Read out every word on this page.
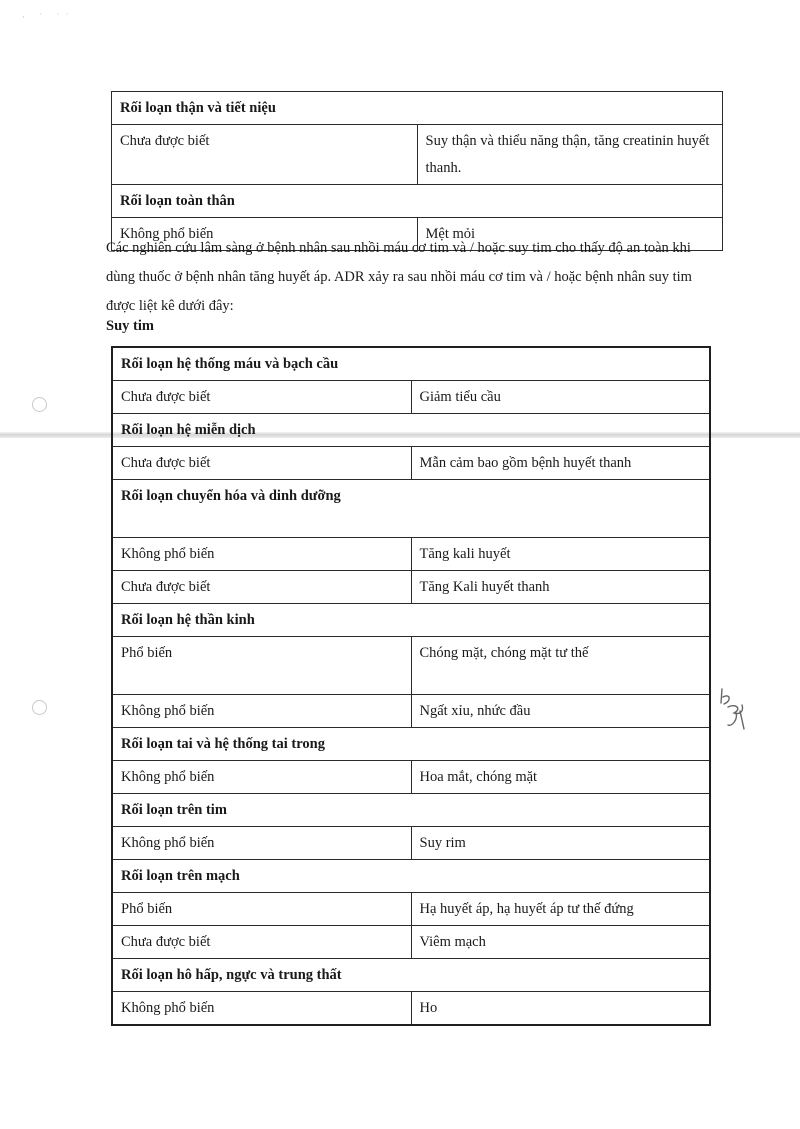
· ˙ ˙˙
Rối loạn thận và tiết niệu	
Chưa được biết	Suy thận và thiểu năng thận, tăng creatinin huyết thanh.
Rối loạn toàn thân	
Không phổ biến	Mệt mỏi

Các nghiên cứu lâm sàng ở bệnh nhân sau nhồi máu cơ tim và / hoặc suy tim cho thấy độ an toàn khi dùng thuốc ở bệnh nhân tăng huyết áp. ADR xảy ra sau nhồi máu cơ tim và / hoặc bệnh nhân suy tim được liệt kê dưới đây:

Suy tim

Rối loạn hệ thống máu và bạch cầu	
Chưa được biết	Giảm tiểu cầu
Rối loạn hệ miễn dịch	
Chưa được biết	Mẫn cảm bao gồm bệnh huyết thanh
Rối loạn chuyển hóa và dinh dưỡng	
Không phổ biến	Tăng kali huyết
Chưa được biết	Tăng Kali huyết thanh
Rối loạn hệ thần kinh	
Phổ biến	Chóng mặt, chóng mặt tư thế
Không phổ biến	Ngất xỉu, nhức đầu
Rối loạn tai và hệ thống tai trong	
Không phổ biến	Hoa mắt, chóng mặt
Rối loạn trên tim	
Không phổ biến	Suy rim
Rối loạn trên mạch	
Phổ biến	Hạ huyết áp, hạ huyết áp tư thế đứng
Chưa được biết	Viêm mạch
Rối loạn hô hấp, ngực và trung thất	
Không phổ biến	Ho
